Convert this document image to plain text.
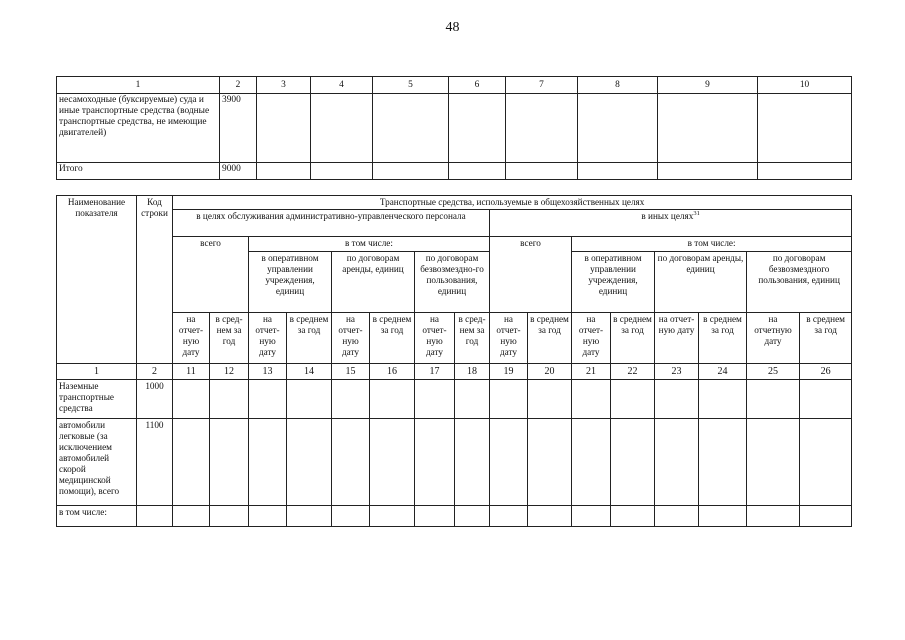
48
1	2	3	4	5	6	7	8	9	10
несамоходные (буксируемые) суда и иные транспортные средства (водные транспортные средства, не имеющие двигателей)	3900								
Итого	9000								
Наименование показателя	Код строки	Транспортные средства, используемые в общехозяйственных целях															
		в целях обслуживания административно-управленческого персонала								в иных целях$^{31}$
		всего		в том числе:						всего		в том числе:					
				в оперативном управлении учреждения, единиц		по договорам аренды, единиц		по договорам безвозмездно-го пользования, единиц				в оперативном управлении учреждения, единиц		по договорам аренды, единиц		по договорам безвозмездного пользования, единиц	
		на отчет-ную дату	в сред-нем за год	на отчет-ную дату	в среднем за год	на отчет-ную дату	в среднем за год	на отчет-ную дату	в сред-нем за год	на отчет-ную дату	в среднем за год	на отчет-ную дату	в среднем за год	на отчет-ную дату	в среднем за год	на отчетную дату	в среднем за год
1	2	11	12	13	14	15	16	17	18	19	20	21	22	23	24	25	26
Наземные транспортные средства	1000																
автомобили легковые (за исключением автомобилей скорой медицинской помощи), всего	1100																
в том числе:																	
